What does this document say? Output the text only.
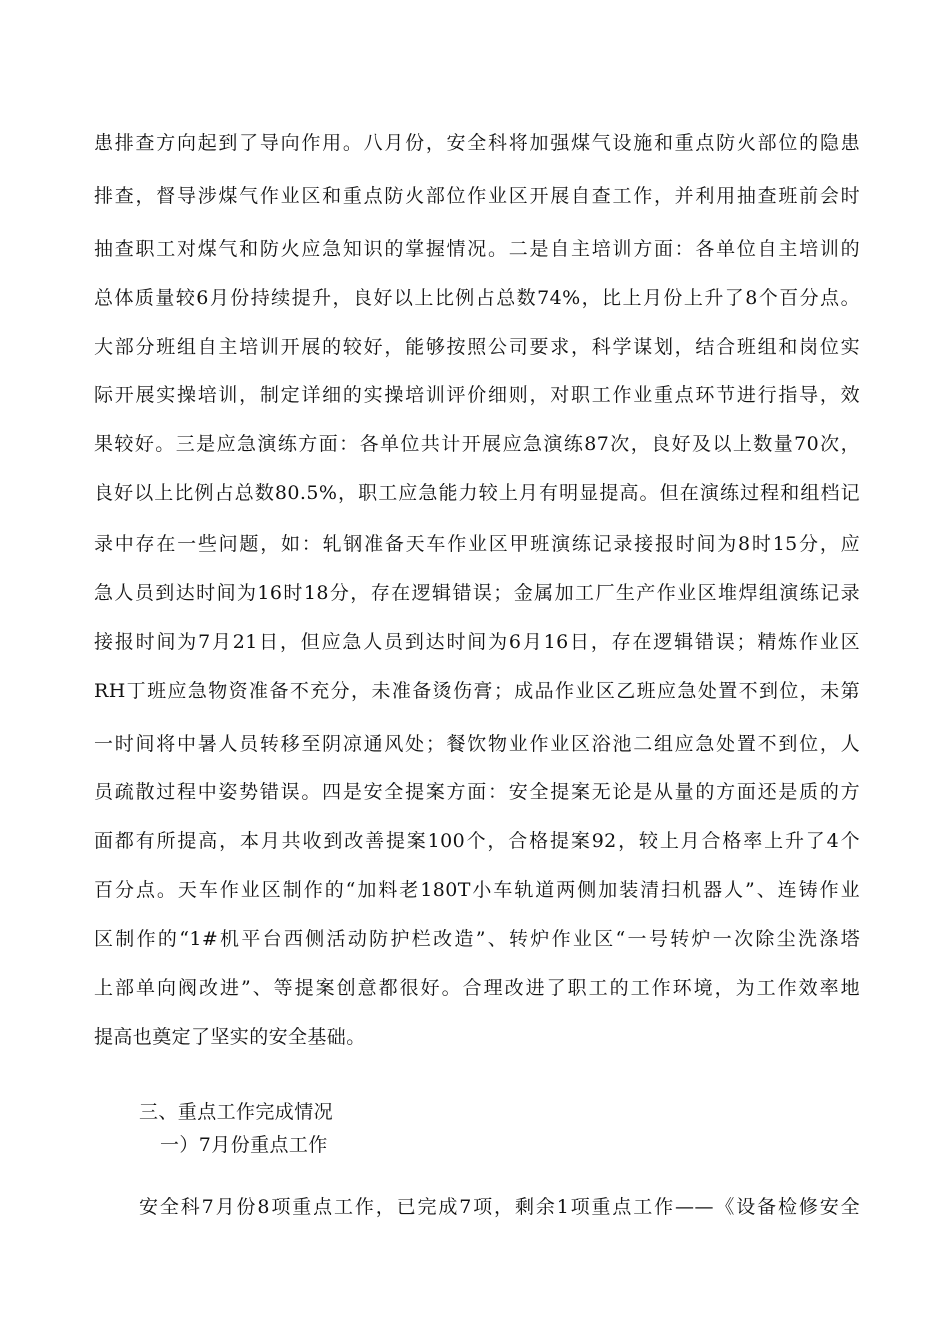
患排查方向起到了导向作用。八月份，安全科将加强煤气设施和重点防火部位的隐患
排查，督导涉煤气作业区和重点防火部位作业区开展自查工作，并利用抽查班前会时
抽查职工对煤气和防火应急知识的掌握情况。二是自主培训方面：各单位自主培训的
总体质量较6月份持续提升，良好以上比例占总数74%，比上月份上升了8个百分点。
大部分班组自主培训开展的较好，能够按照公司要求，科学谋划，结合班组和岗位实
际开展实操培训，制定详细的实操培训评价细则，对职工作业重点环节进行指导，效
果较好。三是应急演练方面：各单位共计开展应急演练87次，良好及以上数量70次，
良好以上比例占总数80.5%，职工应急能力较上月有明显提高。但在演练过程和组档记
录中存在一些问题，如：轧钢准备天车作业区甲班演练记录接报时间为8时15分，应
急人员到达时间为16时18分，存在逻辑错误；金属加工厂生产作业区堆焊组演练记录
接报时间为7月21日，但应急人员到达时间为6月16日，存在逻辑错误；精炼作业区
RH丁班应急物资准备不充分，未准备烫伤膏；成品作业区乙班应急处置不到位，未第
一时间将中暑人员转移至阴凉通风处；餐饮物业作业区浴池二组应急处置不到位，人
员疏散过程中姿势错误。四是安全提案方面：安全提案无论是从量的方面还是质的方
面都有所提高，本月共收到改善提案100个，合格提案92，较上月合格率上升了4个
百分点。天车作业区制作的“加料老180T小车轨道两侧加装清扫机器人”、连铸作业
区制作的“1#机平台西侧活动防护栏改造”、转炉作业区“一号转炉一次除尘洗涤塔
上部单向阀改进”、等提案创意都很好。合理改进了职工的工作环境，为工作效率地
提高也奠定了坚实的安全基础。
三、重点工作完成情况
一）7月份重点工作
安全科7月份8项重点工作，已完成7项，剩余1项重点工作——《设备检修安全
